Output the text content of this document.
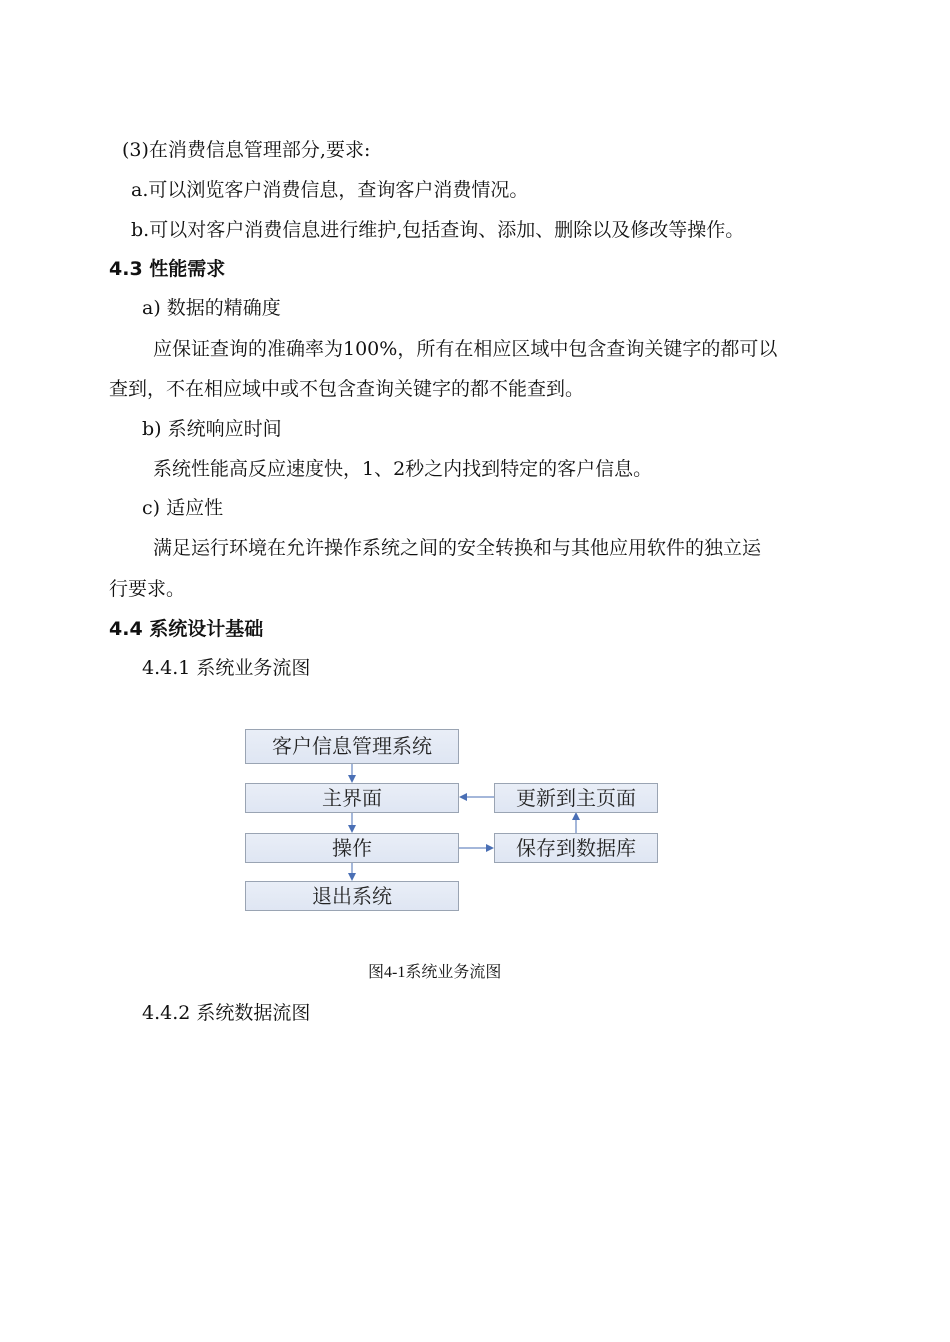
(3)在消费信息管理部分,要求:
a.可以浏览客户消费信息，查询客户消费情况。
b.可以对客户消费信息进行维护,包括查询、添加、删除以及修改等操作。
4.3 性能需求
a) 数据的精确度
应保证查询的准确率为100%，所有在相应区域中包含查询关键字的都可以
查到，不在相应域中或不包含查询关键字的都不能查到。
b) 系统响应时间
系统性能高反应速度快，1、2秒之内找到特定的客户信息。
c) 适应性
满足运行环境在允许操作系统之间的安全转换和与其他应用软件的独立运
行要求。
4.4 系统设计基础
4.4.1 系统业务流图
客户信息管理系统
主界面
操作
退出系统
更新到主页面
保存到数据库
图4-1系统业务流图
4.4.2 系统数据流图
